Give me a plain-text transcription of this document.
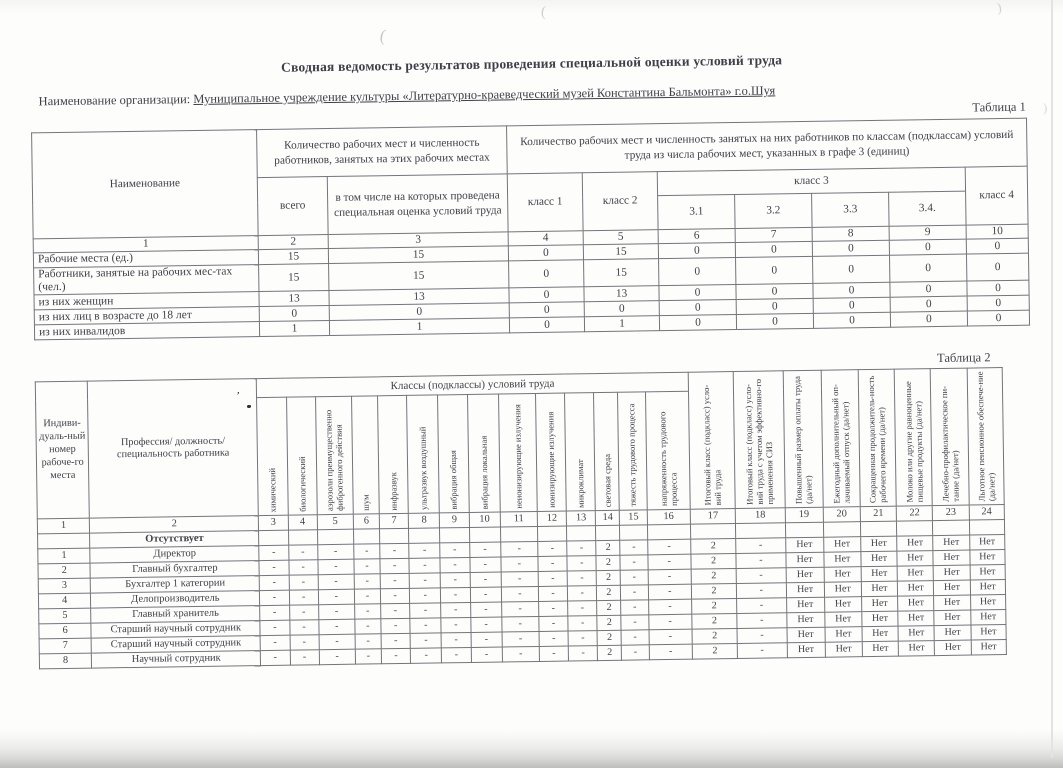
(
(	)
)
ʼ
Сводная ведомость результатов проведения специальной оценки условий труда
Наименование организации: Муниципальное учреждение культуры «Литературно-краеведческий музей Константина Бальмонта» г.о.Шуя
Таблица 1
Наименование	Количество рабочих мест и численность работников, занятых на этих рабочих местах		Количество рабочих мест и численность занятых на них работников по классам (подклассам) условий труда из числа рабочих мест, указанных в графе 3 (единиц)						
	всего	в том числе на которых проведена специальная оценка условий труда	класс 1	класс 2	класс 3				класс 4
					3.1	3.2	3.3	3.4.	
1	2	3	4	5	6	7	8	9	10
Рабочие места (ед.)	15	15	0	15	0	0	0	0	0
Работники, занятые на рабочих мес-тах (чел.)	15	15	0	15	0	0	0	0	0
из них женщин	13	13	0	13	0	0	0	0	0
из них лиц в возрасте до 18 лет	0	0	0	0	0	0	0	0	0
из них инвалидов	1	1	0	1	0	0	0	0	0
Таблица 2
Индиви-дуаль-ный номер рабоче-го места	Профессия/ должность/ специальность работника	Классы (подклассы) условий труда														Итоговый класс (подкласс) усло-вий труда	Итоговый класс (подкласс) усло-вий труда с учетом эффективно-го применения СИЗ	Повышенный размер оплаты труда (да/нет)	Ежегодный дополнительный оп-лачиваемый отпуск (да/нет)	Сокращенная продолжитель-ность рабочего времени (да/нет)	Молоко или другие равноценные пищевые продукты (да/нет)	Лечебно-профилактическое пи-тание (да/нет)	Льготное пенсионное обеспече-ние (да/нет)

		химический	биологический	аэрозоли преимущественно фиброгенного действия	шум	инфразвук	ультразвук воздушный	вибрация общая	вибрация локальная	неионизирующие излучения	ионизирующие излучения	микроклимат	световая среда	тяжесть трудового процесса	напряженность трудового процесса								

1	2	3	4	5	6	7	8	9	10	11	12	13	14	15	16	17	18	19	20	21	22	23	24
	Отсутствует																						
1	Директор	-	-	-	-	-	-	-	-	-	-	-	2	-	-	2	-	Нет	Нет	Нет	Нет	Нет	Нет
2	Главный бухгалтер	-	-	-	-	-	-	-	-	-	-	-	2	-	-	2	-	Нет	Нет	Нет	Нет	Нет	Нет
3	Бухгалтер 1 категории	-	-	-	-	-	-	-	-	-	-	-	2	-	-	2	-	Нет	Нет	Нет	Нет	Нет	Нет
4	Делопроизводитель	-	-	-	-	-	-	-	-	-	-	-	2	-	-	2	-	Нет	Нет	Нет	Нет	Нет	Нет
5	Главный хранитель	-	-	-	-	-	-	-	-	-	-	-	2	-	-	2	-	Нет	Нет	Нет	Нет	Нет	Нет
6	Старший научный сотрудник	-	-	-	-	-	-	-	-	-	-	-	2	-	-	2	-	Нет	Нет	Нет	Нет	Нет	Нет
7	Старший научный сотрудник	-	-	-	-	-	-	-	-	-	-	-	2	-	-	2	-	Нет	Нет	Нет	Нет	Нет	Нет
8	Научный сотрудник	-	-	-	-	-	-	-	-	-	-	-	2	-	-	2	-	Нет	Нет	Нет	Нет	Нет	Нет
